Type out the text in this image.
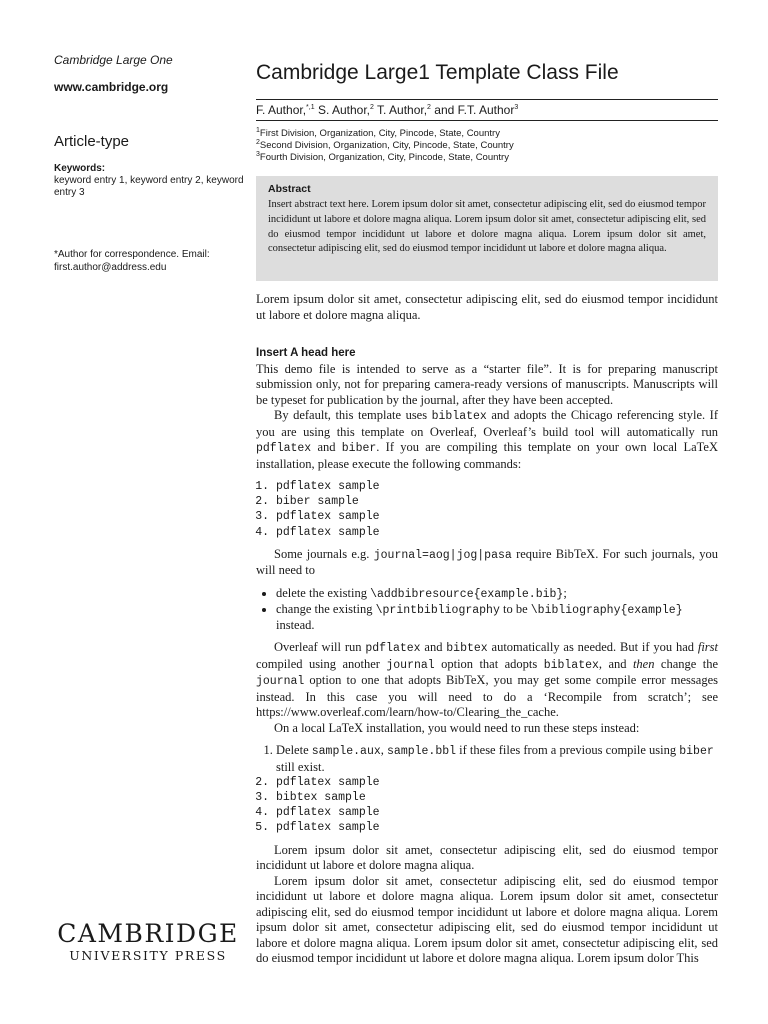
Cambridge Large One
www.cambridge.org
Article-type
Keywords:
keyword entry 1, keyword entry 2, keyword entry 3
*Author for correspondence. Email: first.author@address.edu
CAMBRIDGE
UNIVERSITY PRESS
Cambridge Large1 Template Class File
F. Author,$^{*,1}$ S. Author,$^2$ T. Author,$^2$ and F.T. Author$^3$
$^1$First Division, Organization, City, Pincode, State, Country
$^2$Second Division, Organization, City, Pincode, State, Country
$^3$Fourth Division, Organization, City, Pincode, State, Country
Abstract
Insert abstract text here. Lorem ipsum dolor sit amet, consectetur adipiscing elit, sed do eiusmod tempor incididunt ut labore et dolore magna aliqua. Lorem ipsum dolor sit amet, consectetur adipiscing elit, sed do eiusmod tempor incididunt ut labore et dolore magna aliqua. Lorem ipsum dolor sit amet, consectetur adipiscing elit, sed do eiusmod tempor incididunt ut labore et dolore magna aliqua.

Lorem ipsum dolor sit amet, consectetur adipiscing elit, sed do eiusmod tempor incididunt ut labore et dolore magna aliqua.

Insert A head here

This demo file is intended to serve as a “starter file”. It is for preparing manuscript submission only, not for preparing camera-ready versions of manuscripts. Manuscripts will be typeset for publication by the journal, after they have been accepted.

By default, this template uses biblatex and adopts the Chicago referencing style. If you are using this template on Overleaf, Overleaf’s build tool will automatically run pdflatex and biber. If you are compiling this template on your own local LaTeX installation, please execute the following commands:

1. pdflatex sample
2. biber sample
3. pdflatex sample
4. pdflatex sample

Some journals e.g. journal=aog|jog|pasa require BibTeX. For such journals, you will need to

• delete the existing \addbibresource{example.bib};
• change the existing \printbibliography to be \bibliography{example} instead.

Overleaf will run pdflatex and bibtex automatically as needed. But if you had first compiled using another journal option that adopts biblatex, and then change the journal option to one that adopts BibTeX, you may get some compile error messages instead. In this case you will need to do a ‘Recompile from scratch’; see https://www.overleaf.com/learn/how-to/Clearing_the_cache.

On a local LaTeX installation, you would need to run these steps instead:

1. Delete sample.aux, sample.bbl if these files from a previous compile using biber still exist.
2. pdflatex sample
3. bibtex sample
4. pdflatex sample
5. pdflatex sample

Lorem ipsum dolor sit amet, consectetur adipiscing elit, sed do eiusmod tempor incididunt ut labore et dolore magna aliqua.

Lorem ipsum dolor sit amet, consectetur adipiscing elit, sed do eiusmod tempor incididunt ut labore et dolore magna aliqua. Lorem ipsum dolor sit amet, consectetur adipiscing elit, sed do eiusmod tempor incididunt ut labore et dolore magna aliqua. Lorem ipsum dolor sit amet, consectetur adipiscing elit, sed do eiusmod tempor incididunt ut labore et dolore magna aliqua. Lorem ipsum dolor sit amet, consectetur adipiscing elit, sed do eiusmod tempor incididunt ut labore et dolore magna aliqua. Lorem ipsum dolor This
